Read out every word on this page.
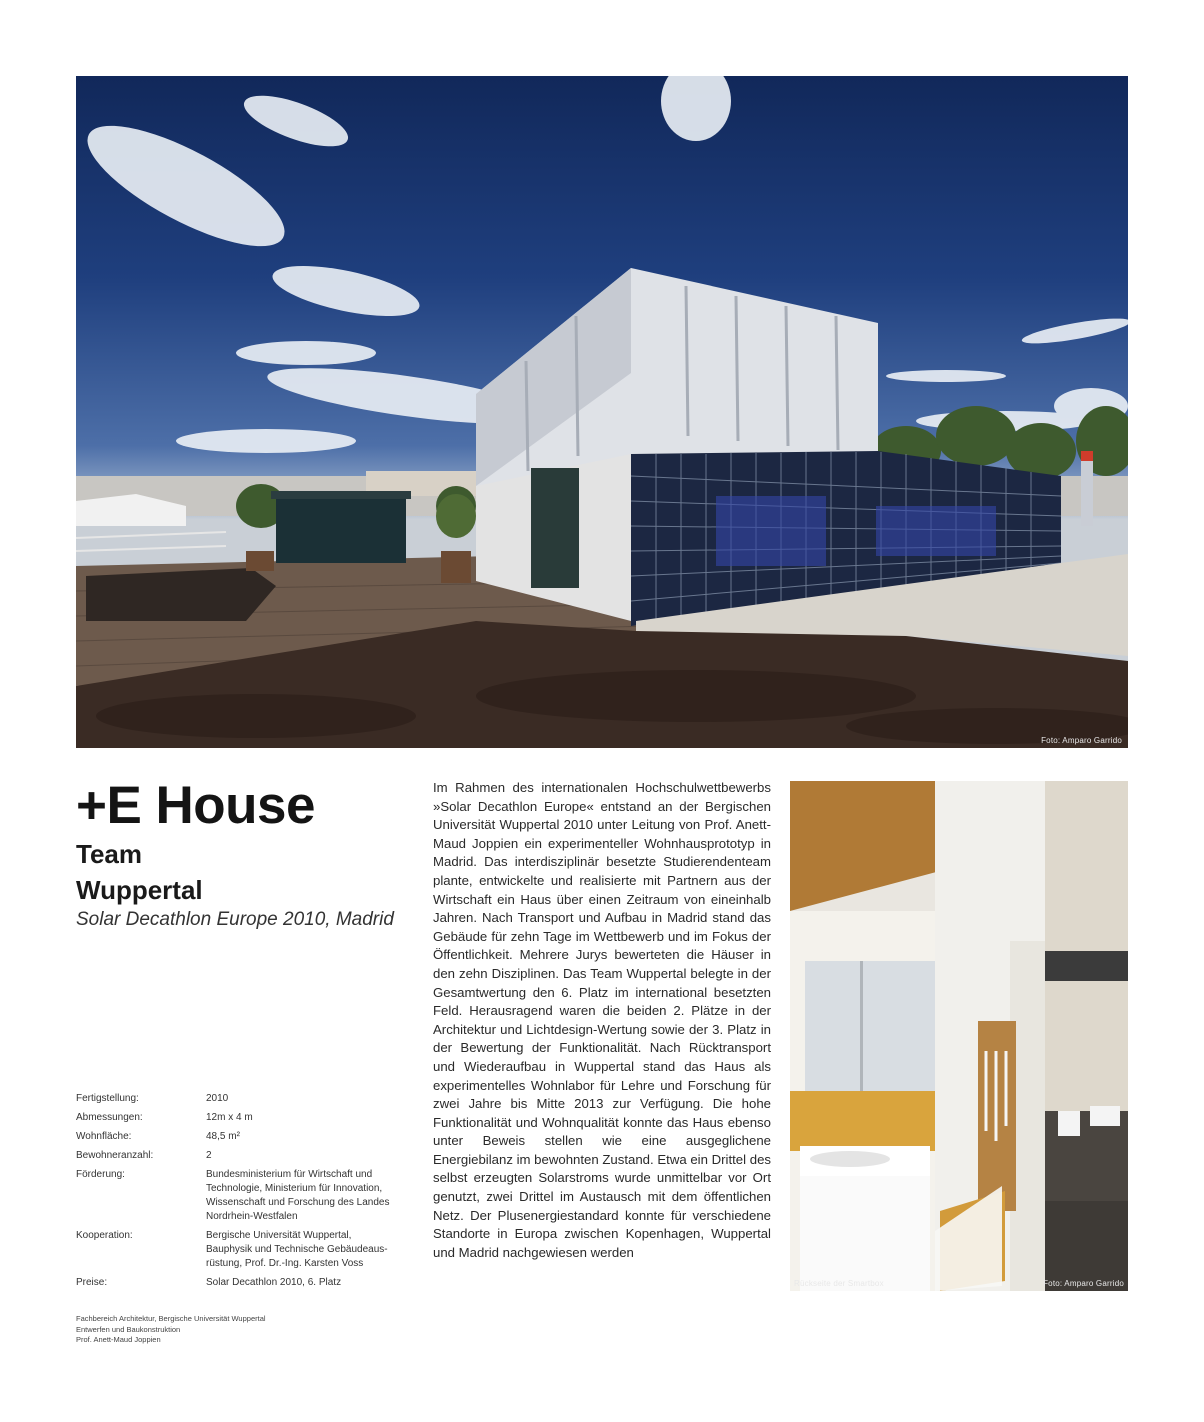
Foto: Amparo Garrido
+E House
Team
Wuppertal
Solar Decathlon Europe 2010, Madrid
Fertigstellung:	2010
Abmessungen:	12m x 4 m
Wohnfläche:	48,5 m²
Bewohneranzahl:	2
Förderung:	Bundesministerium für Wirtschaft und
Technologie, Ministerium für Innovation,
Wissenschaft und Forschung des Landes
Nordrhein-Westfalen
Kooperation:	Bergische Universität Wuppertal,
Bauphysik und Technische Gebäudeaus-
rüstung, Prof. Dr.-Ing. Karsten Voss
Preise:	Solar Decathlon 2010, 6. Platz
Fachbereich Architektur, Bergische Universität Wuppertal
Entwerfen und Baukonstruktion
Prof. Anett-Maud Joppien

Im Rahmen des internationalen Hochschulwettbewerbs »Solar Decathlon Europe« entstand an der Bergischen Universität Wuppertal 2010 unter Leitung von Prof. Anett-Maud Joppien ein experimenteller Wohnhausprototyp in Madrid. Das interdisziplinär besetzte Studierendenteam plante, entwickelte und realisierte mit Partnern aus der Wirtschaft ein Haus über einen Zeitraum von eineinhalb Jahren. Nach Transport und Aufbau in Madrid stand das Gebäude für zehn Tage im Wettbewerb und im Fokus der Öffentlichkeit. Mehrere Jurys bewerteten die Häuser in den zehn Disziplinen. Das Team Wuppertal belegte in der Gesamtwertung den 6. Platz im international besetzten Feld. Herausragend waren die beiden 2. Plätze in der Architektur und Lichtdesign-Wertung sowie der 3. Platz in der Bewertung der Funktionalität. Nach Rücktransport und Wiederaufbau in Wuppertal stand das Haus als experimentelles Wohnlabor für Lehre und Forschung für zwei Jahre bis Mitte 2013 zur Verfügung. Die hohe Funktionalität und Wohnqualität konnte das Haus ebenso unter Beweis stellen wie eine ausgeglichene Energiebilanz im bewohnten Zustand. Etwa ein Drittel des selbst erzeugten Solarstroms wurde unmittelbar vor Ort genutzt, zwei Drittel im Austausch mit dem öffentlichen Netz. Der Plusenergiestandard konnte für verschiedene Standorte in Europa zwischen Kopenhagen, Wuppertal und Madrid nachgewiesen werden

Rückseite der Smartbox	Foto: Amparo Garrido
